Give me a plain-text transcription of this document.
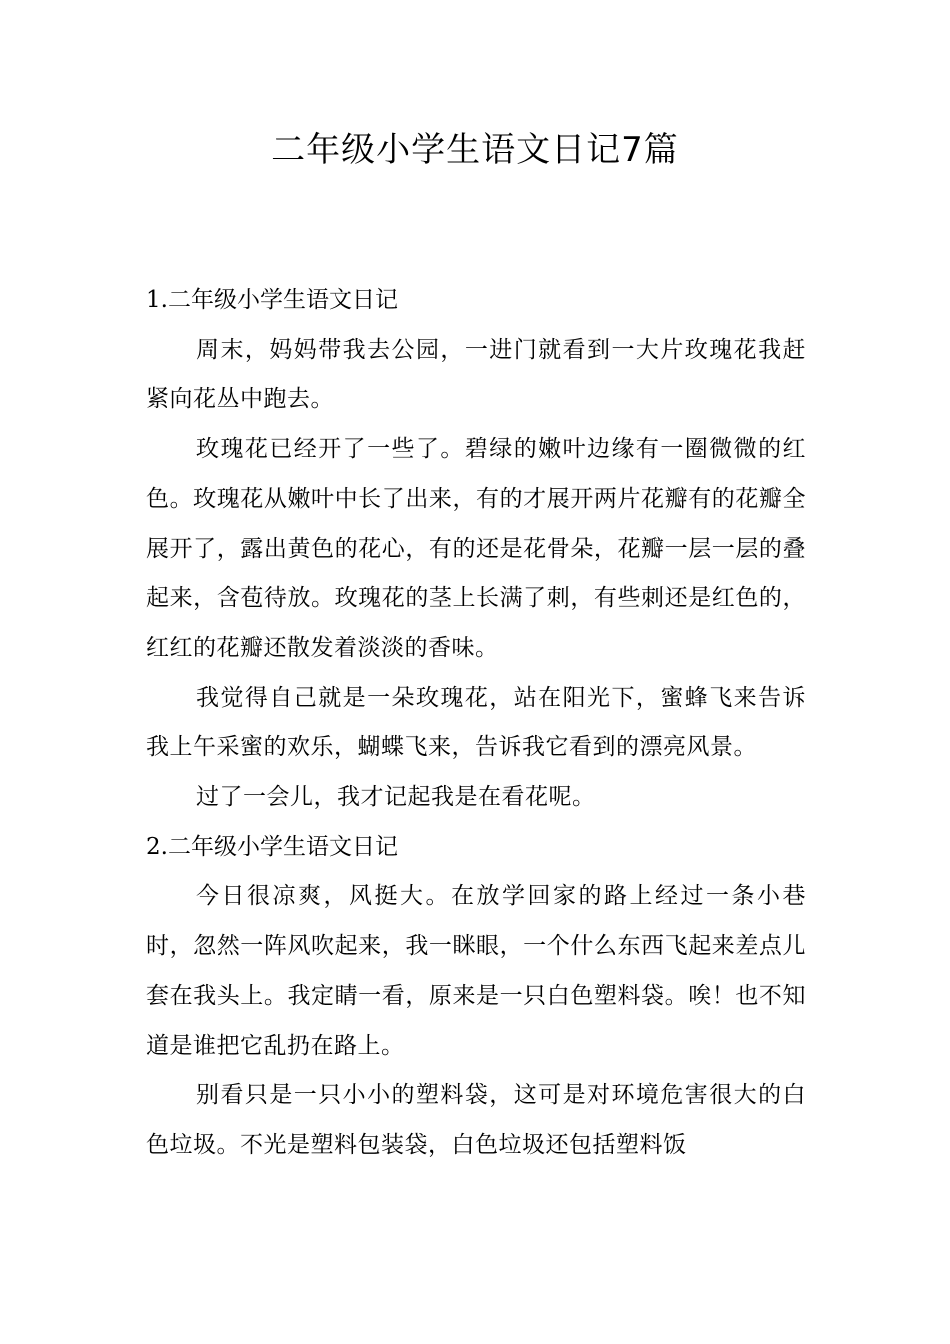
二年级小学生语文日记7篇
1.二年级小学生语文日记

周末，妈妈带我去公园，一进门就看到一大片玫瑰花我赶紧向花丛中跑去。

玫瑰花已经开了一些了。碧绿的嫩叶边缘有一圈微微的红色。玫瑰花从嫩叶中长了出来，有的才展开两片花瓣有的花瓣全展开了，露出黄色的花心，有的还是花骨朵，花瓣一层一层的叠起来，含苞待放。玫瑰花的茎上长满了刺，有些刺还是红色的，红红的花瓣还散发着淡淡的香味。

我觉得自己就是一朵玫瑰花，站在阳光下，蜜蜂飞来告诉我上午采蜜的欢乐，蝴蝶飞来，告诉我它看到的漂亮风景。

过了一会儿，我才记起我是在看花呢。

2.二年级小学生语文日记

今日很凉爽，风挺大。在放学回家的路上经过一条小巷时，忽然一阵风吹起来，我一眯眼，一个什么东西飞起来差点儿套在我头上。我定睛一看，原来是一只白色塑料袋。唉！也不知道是谁把它乱扔在路上。

别看只是一只小小的塑料袋，这可是对环境危害很大的白色垃圾。不光是塑料包装袋，白色垃圾还包括塑料饭
